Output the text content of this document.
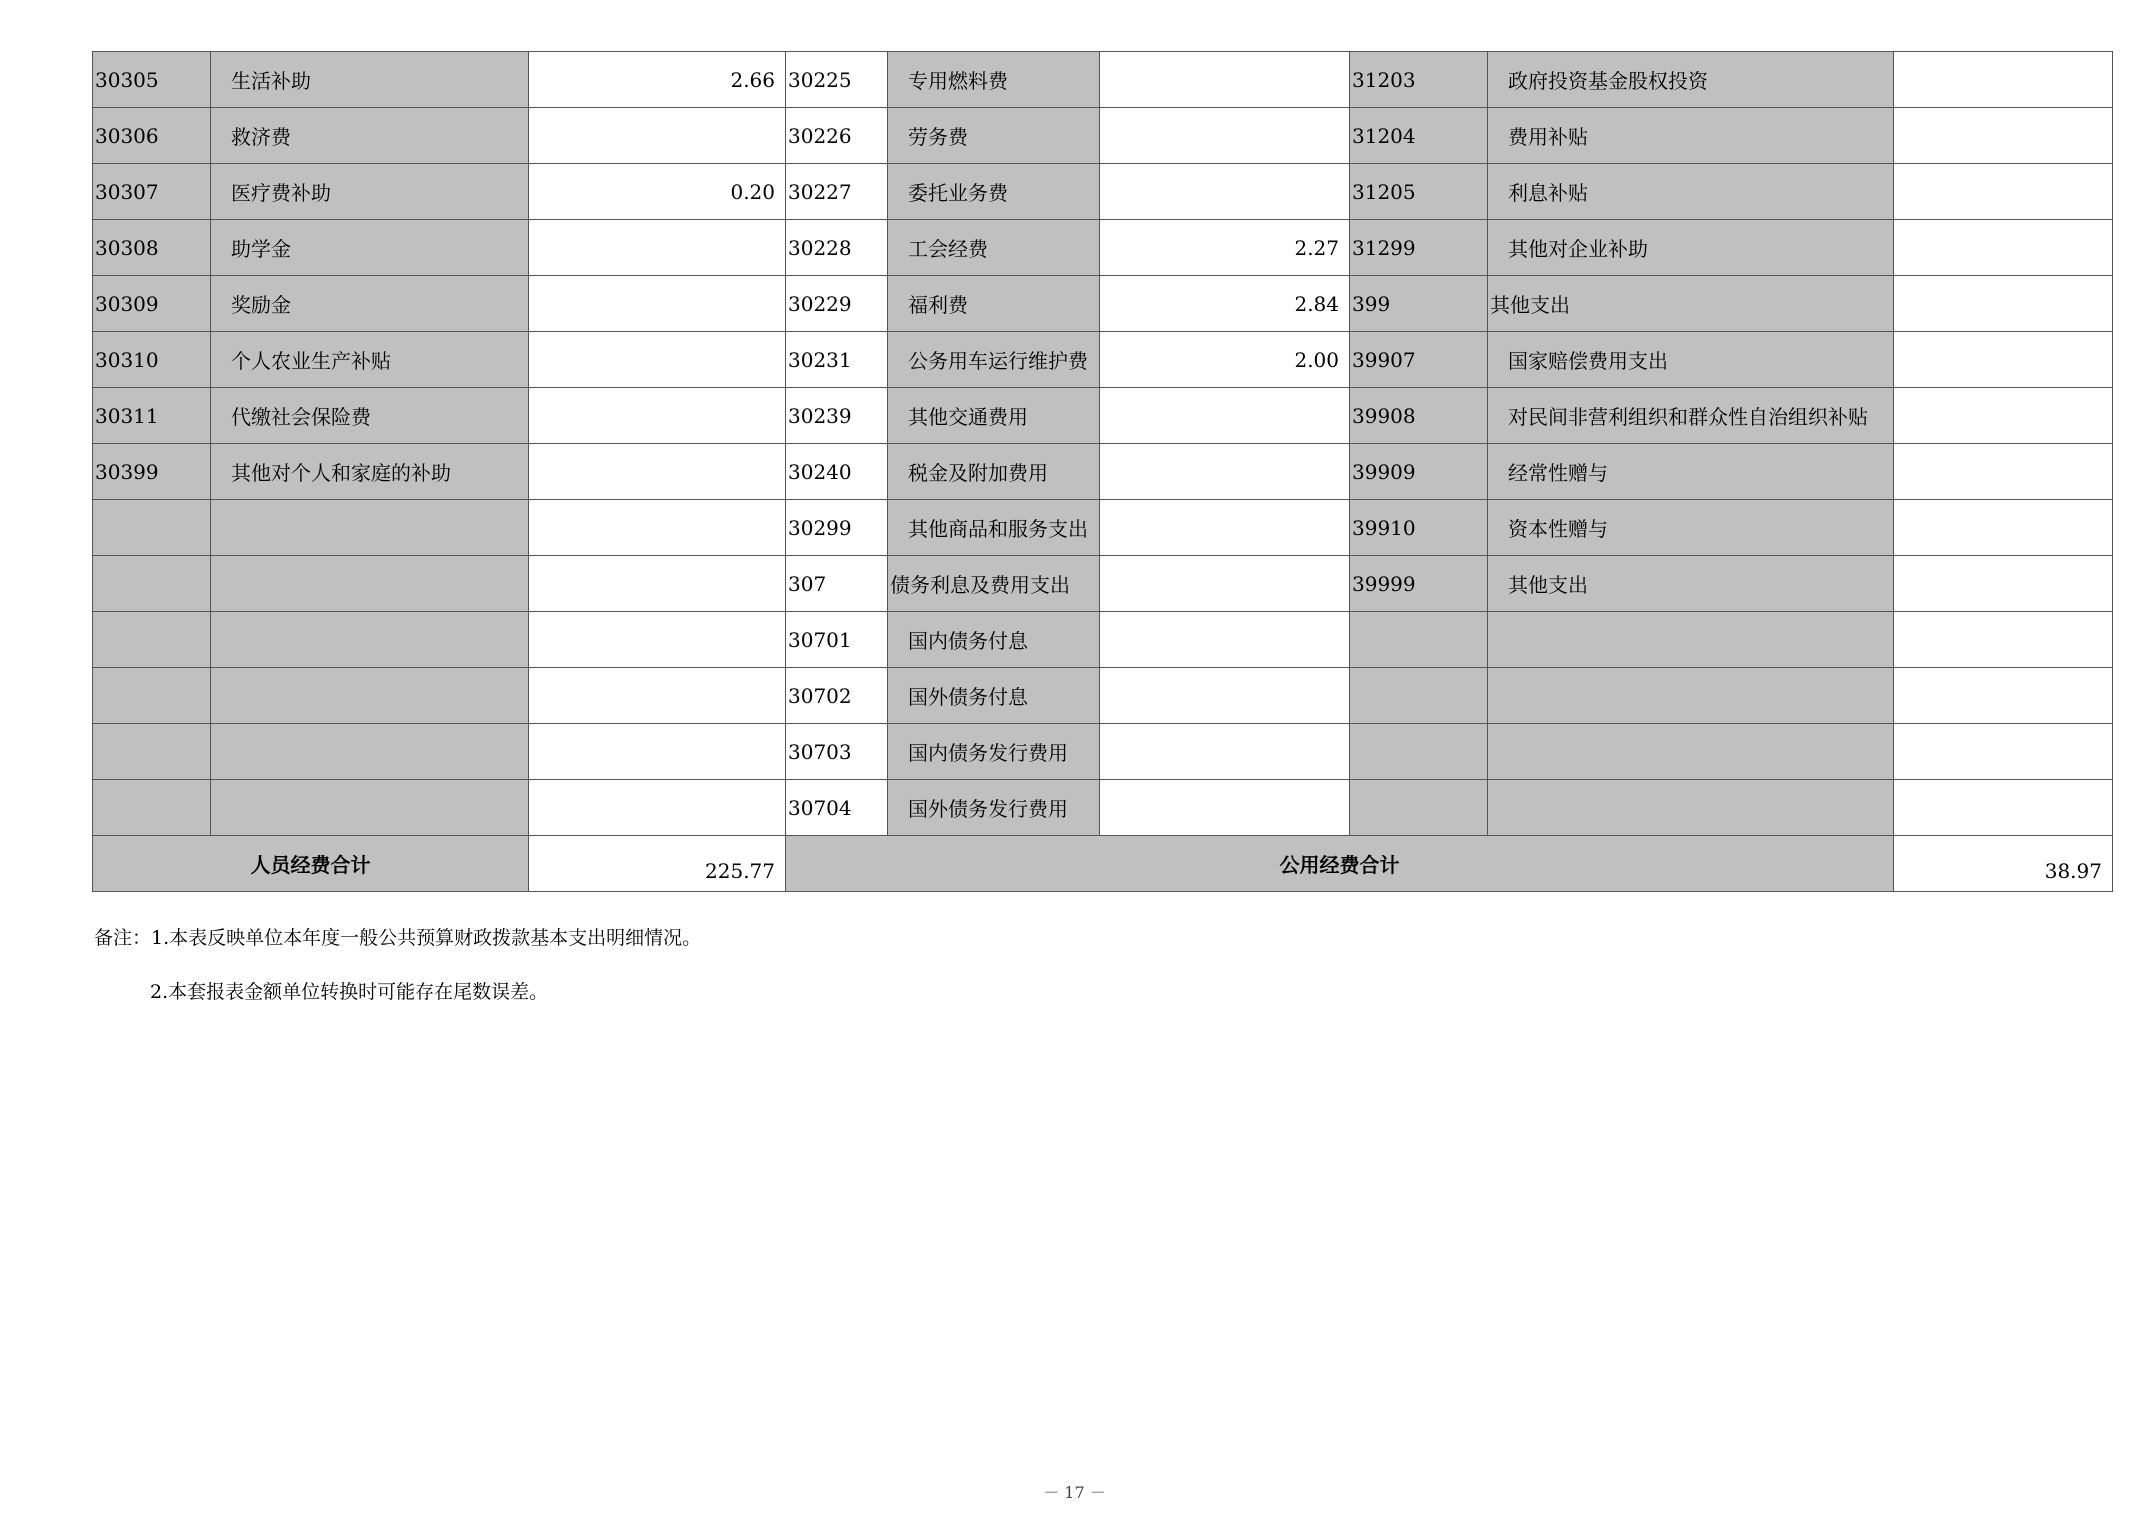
30305	生活补助	2.66	30225	专用燃料费		31203	政府投资基金股权投资	
30306	救济费		30226	劳务费		31204	费用补贴	
30307	医疗费补助	0.20	30227	委托业务费		31205	利息补贴	
30308	助学金		30228	工会经费	2.27	31299	其他对企业补助	
30309	奖励金		30229	福利费	2.84	399	其他支出	
30310	个人农业生产补贴		30231	公务用车运行维护费	2.00	39907	国家赔偿费用支出	
30311	代缴社会保险费		30239	其他交通费用		39908	对民间非营利组织和群众性自治组织补贴	
30399	其他对个人和家庭的补助		30240	税金及附加费用		39909	经常性赠与	
			30299	其他商品和服务支出		39910	资本性赠与	
			307	债务利息及费用支出		39999	其他支出	
			30701	国内债务付息				
			30702	国外债务付息				
			30703	国内债务发行费用				
			30704	国外债务发行费用				
人员经费合计		225.77	公用经费合计					38.97
备注：1.本表反映单位本年度一般公共预算财政拨款基本支出明细情况。
2.本套报表金额单位转换时可能存在尾数误差。
－ 17 －
